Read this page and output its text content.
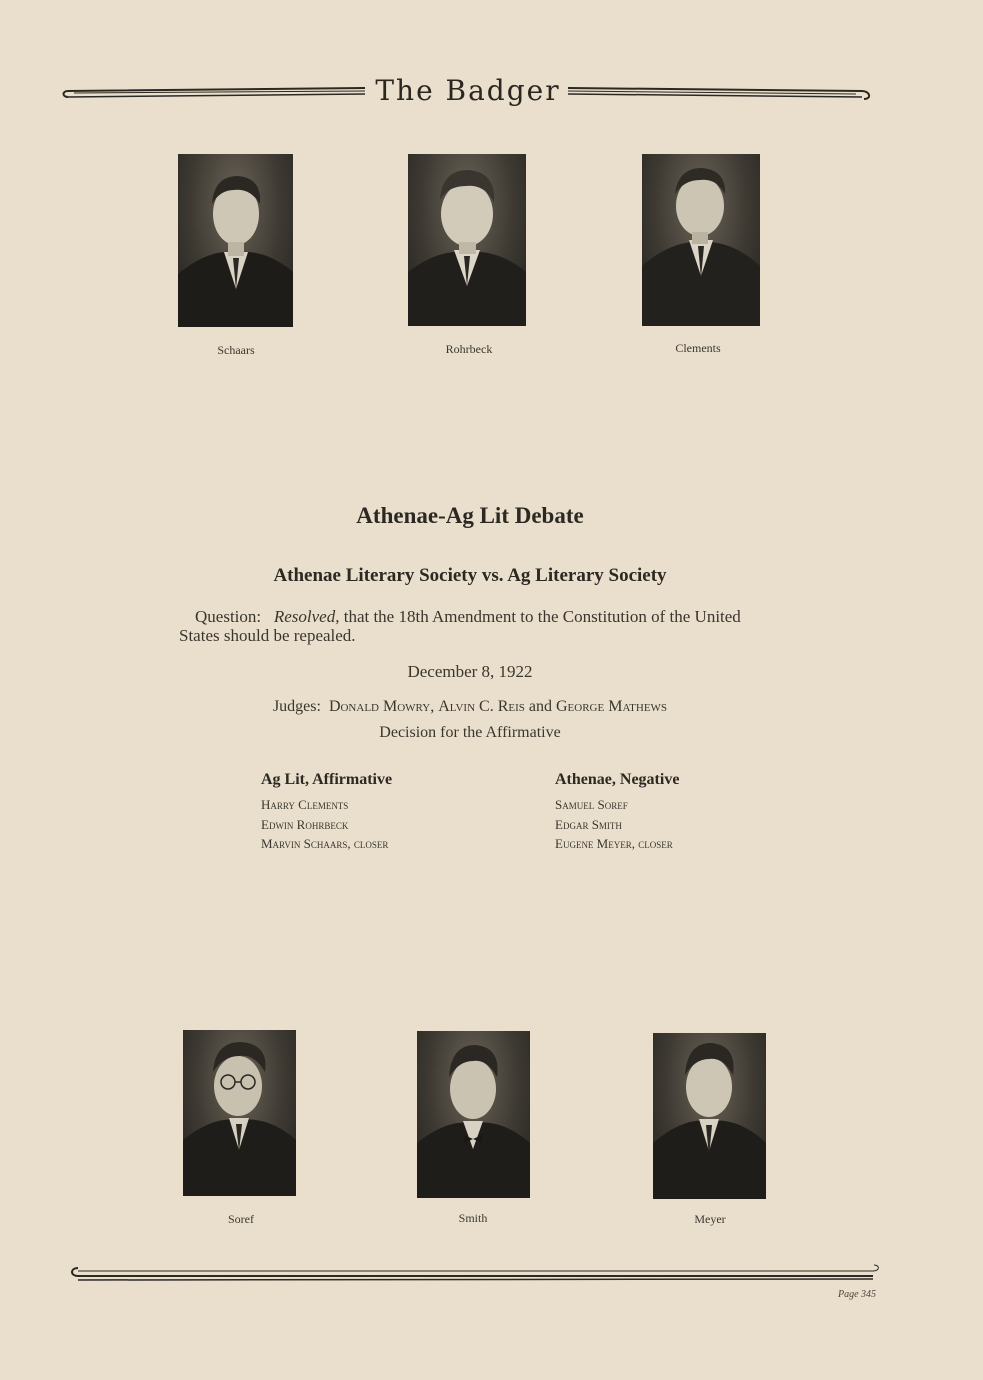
The Badger
Schaars	Rohrbeck	Clements
Athenae-Ag Lit Debate
Athenae Literary Society vs. Ag Literary Society
Question: Resolved, that the 18th Amendment to the Constitution of the United
States should be repealed.
December 8, 1922
Judges: Donald Mowry, Alvin C. Reis and George Mathews
Decision for the Affirmative
Ag Lit, Affirmative
Harry Clements
Edwin Rohrbeck
Marvin Schaars, closer
Athenae, Negative
Samuel Soref
Edgar Smith
Eugene Meyer, closer
Soref	Smith	Meyer
Page 345
